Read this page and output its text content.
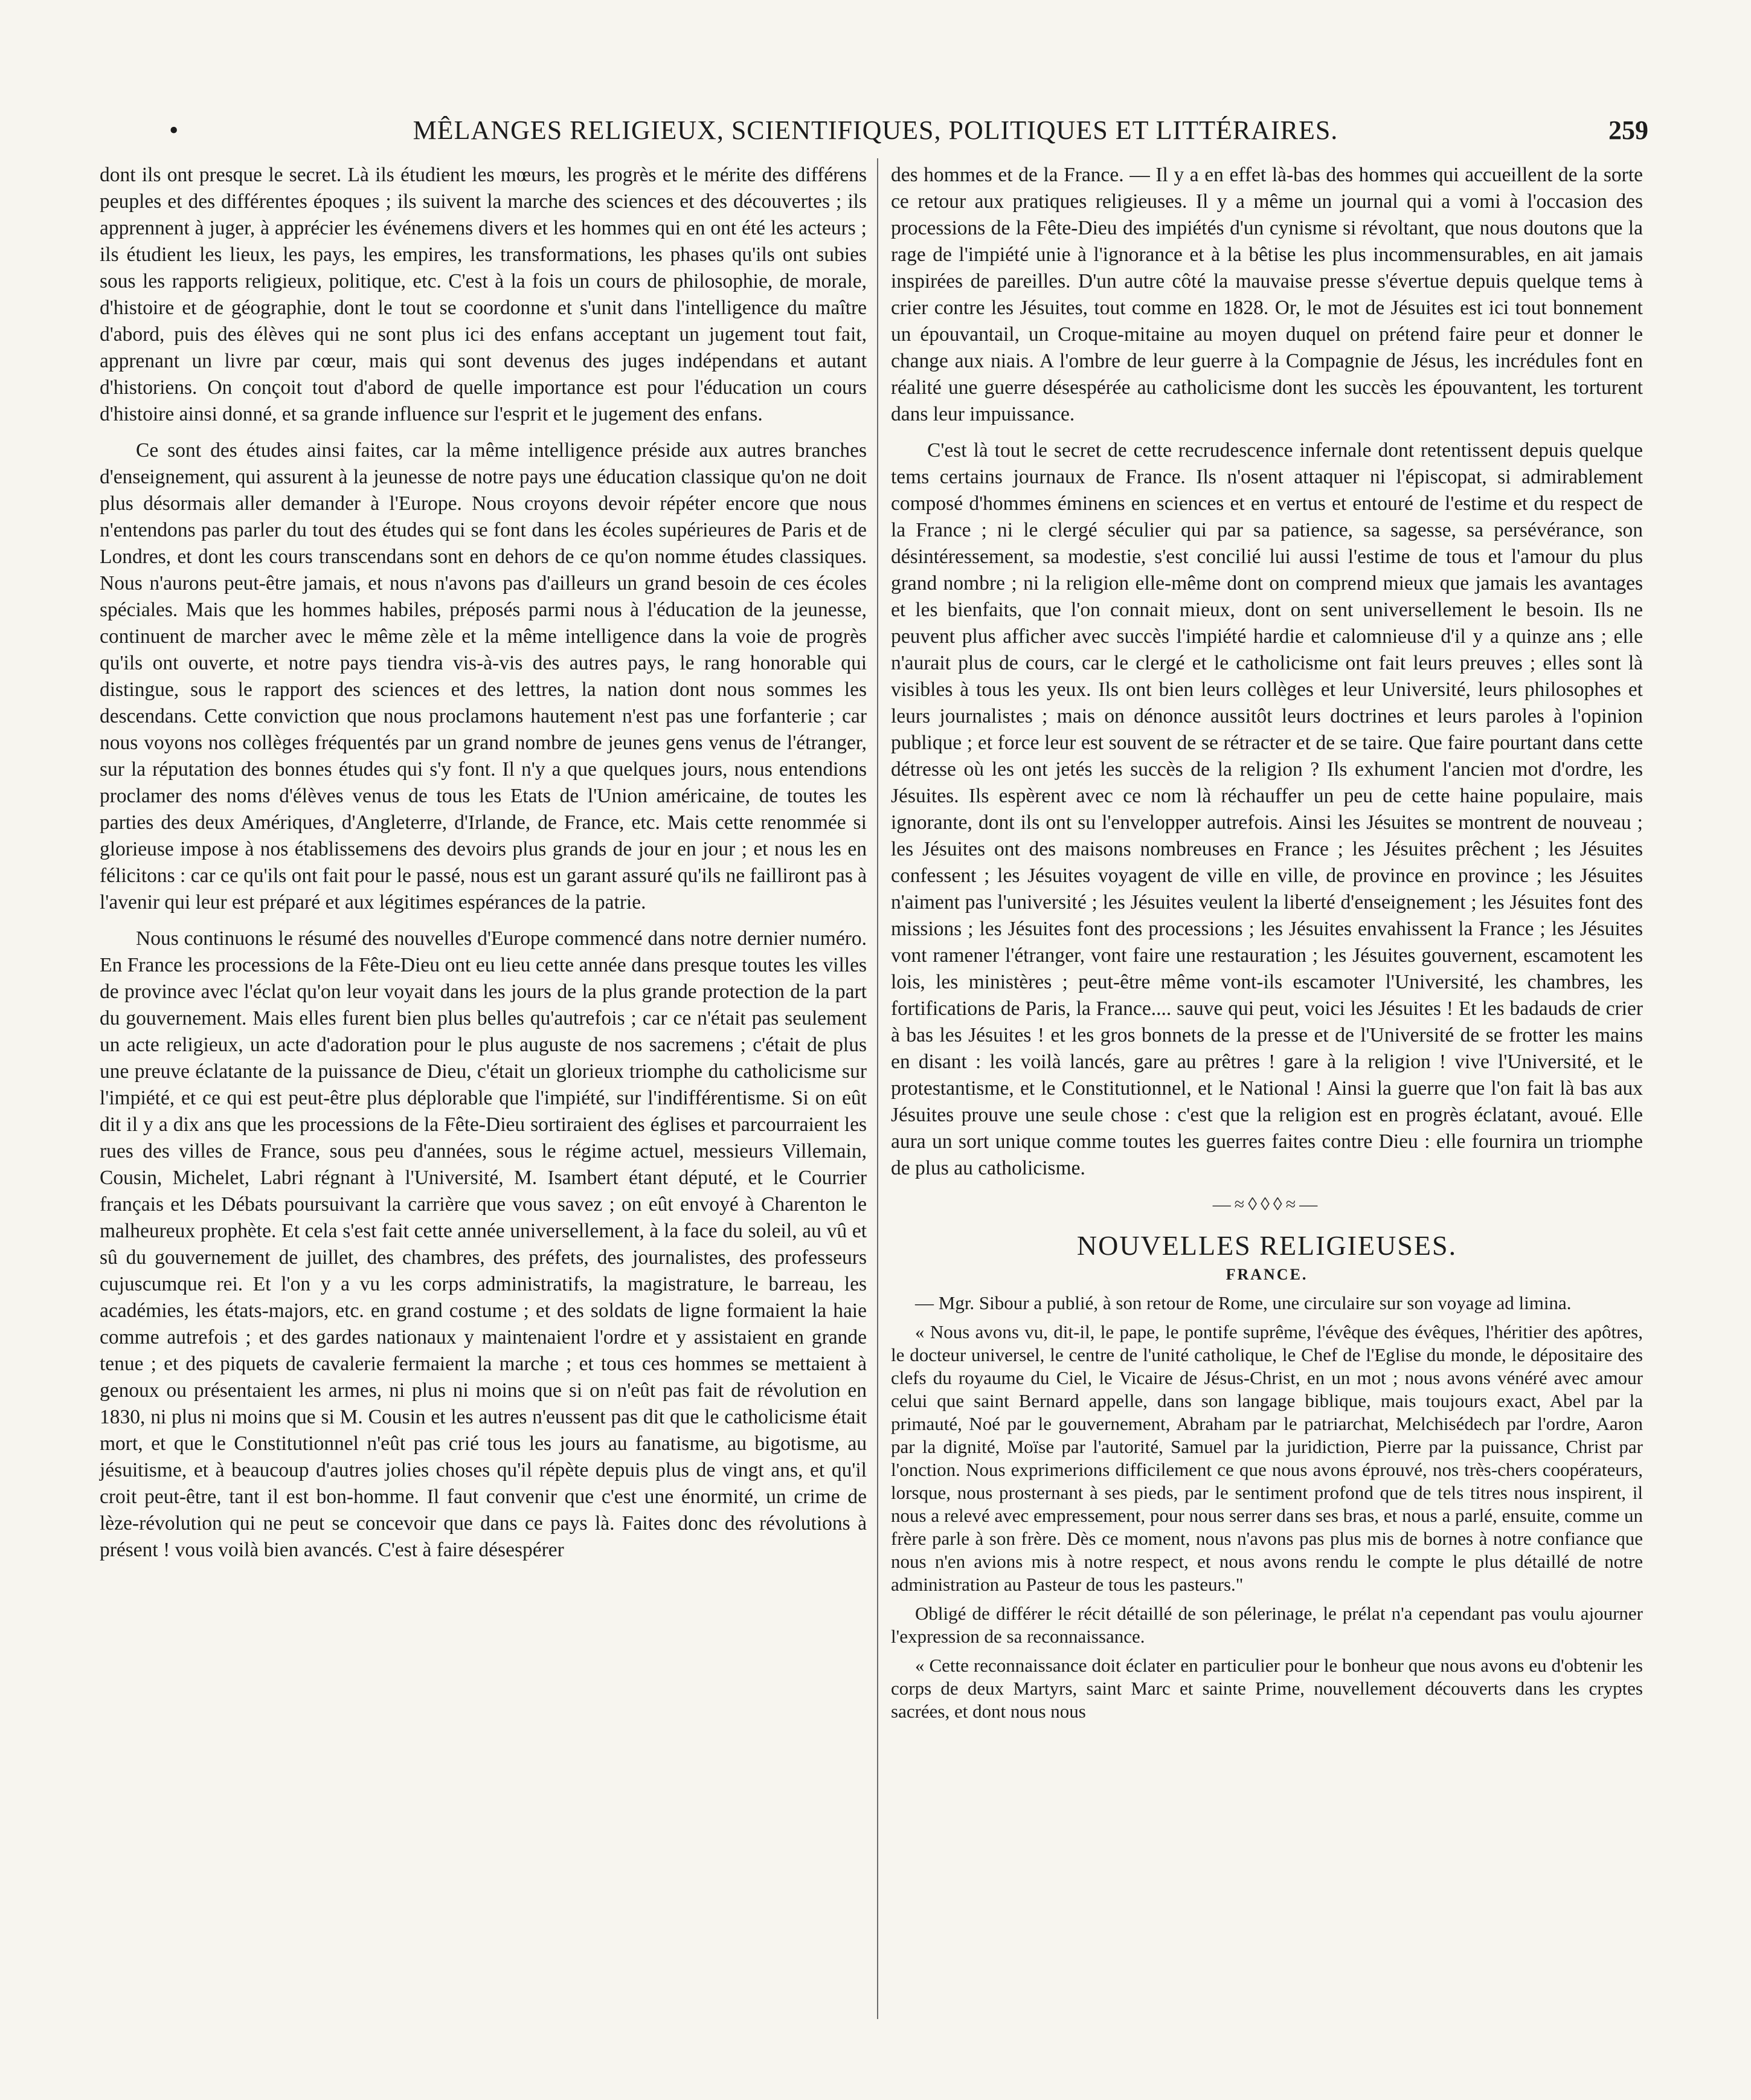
•	MÊLANGES RELIGIEUX, SCIENTIFIQUES, POLITIQUES ET LITTÉRAIRES.	259

dont ils ont presque le secret. Là ils étudient les mœurs, les progrès et le mérite des différens peuples et des différentes époques ; ils suivent la marche des sciences et des découvertes ; ils apprennent à juger, à apprécier les événemens divers et les hommes qui en ont été les acteurs ; ils étudient les lieux, les pays, les empires, les transformations, les phases qu'ils ont subies sous les rapports religieux, politique, etc. C'est à la fois un cours de philosophie, de morale, d'histoire et de géographie, dont le tout se coordonne et s'unit dans l'intelligence du maître d'abord, puis des élèves qui ne sont plus ici des enfans acceptant un jugement tout fait, apprenant un livre par cœur, mais qui sont devenus des juges indépendans et autant d'historiens. On conçoit tout d'abord de quelle importance est pour l'éducation un cours d'histoire ainsi donné, et sa grande influence sur l'esprit et le jugement des enfans.

Ce sont des études ainsi faites, car la même intelligence préside aux autres branches d'enseignement, qui assurent à la jeunesse de notre pays une éducation classique qu'on ne doit plus désormais aller demander à l'Europe. Nous croyons devoir répéter encore que nous n'entendons pas parler du tout des études qui se font dans les écoles supérieures de Paris et de Londres, et dont les cours transcendans sont en dehors de ce qu'on nomme études classiques. Nous n'aurons peut-être jamais, et nous n'avons pas d'ailleurs un grand besoin de ces écoles spéciales. Mais que les hommes habiles, préposés parmi nous à l'éducation de la jeunesse, continuent de marcher avec le même zèle et la même intelligence dans la voie de progrès qu'ils ont ouverte, et notre pays tiendra vis-à-vis des autres pays, le rang honorable qui distingue, sous le rapport des sciences et des lettres, la nation dont nous sommes les descendans. Cette conviction que nous proclamons hautement n'est pas une forfanterie ; car nous voyons nos collèges fréquentés par un grand nombre de jeunes gens venus de l'étranger, sur la réputation des bonnes études qui s'y font. Il n'y a que quelques jours, nous entendions proclamer des noms d'élèves venus de tous les Etats de l'Union américaine, de toutes les parties des deux Amériques, d'Angleterre, d'Irlande, de France, etc. Mais cette renommée si glorieuse impose à nos établissemens des devoirs plus grands de jour en jour ; et nous les en félicitons : car ce qu'ils ont fait pour le passé, nous est un garant assuré qu'ils ne failliront pas à l'avenir qui leur est préparé et aux légitimes espérances de la patrie.

Nous continuons le résumé des nouvelles d'Europe commencé dans notre dernier numéro. En France les processions de la Fête-Dieu ont eu lieu cette année dans presque toutes les villes de province avec l'éclat qu'on leur voyait dans les jours de la plus grande protection de la part du gouvernement. Mais elles furent bien plus belles qu'autrefois ; car ce n'était pas seulement un acte religieux, un acte d'adoration pour le plus auguste de nos sacremens ; c'était de plus une preuve éclatante de la puissance de Dieu, c'était un glorieux triomphe du catholicisme sur l'impiété, et ce qui est peut-être plus déplorable que l'impiété, sur l'indifférentisme. Si on eût dit il y a dix ans que les processions de la Fête-Dieu sortiraient des églises et parcourraient les rues des villes de France, sous peu d'années, sous le régime actuel, messieurs Villemain, Cousin, Michelet, Labri régnant à l'Université, M. Isambert étant député, et le Courrier français et les Débats poursuivant la carrière que vous savez ; on eût envoyé à Charenton le malheureux prophète. Et cela s'est fait cette année universellement, à la face du soleil, au vû et sû du gouvernement de juillet, des chambres, des préfets, des journalistes, des professeurs cujuscumque rei. Et l'on y a vu les corps administratifs, la magistrature, le barreau, les académies, les états-majors, etc. en grand costume ; et des soldats de ligne formaient la haie comme autrefois ; et des gardes nationaux y maintenaient l'ordre et y assistaient en grande tenue ; et des piquets de cavalerie fermaient la marche ; et tous ces hommes se mettaient à genoux ou présentaient les armes, ni plus ni moins que si on n'eût pas fait de révolution en 1830, ni plus ni moins que si M. Cousin et les autres n'eussent pas dit que le catholicisme était mort, et que le Constitutionnel n'eût pas crié tous les jours au fanatisme, au bigotisme, au jésuitisme, et à beaucoup d'autres jolies choses qu'il répète depuis plus de vingt ans, et qu'il croit peut-être, tant il est bon-homme. Il faut convenir que c'est une énormité, un crime de lèze-révolution qui ne peut se concevoir que dans ce pays là. Faites donc des révolutions à présent ! vous voilà bien avancés. C'est à faire désespérer

des hommes et de la France. — Il y a en effet là-bas des hommes qui accueillent de la sorte ce retour aux pratiques religieuses. Il y a même un journal qui a vomi à l'occasion des processions de la Fête-Dieu des impiétés d'un cynisme si révoltant, que nous doutons que la rage de l'impiété unie à l'ignorance et à la bêtise les plus incommensurables, en ait jamais inspirées de pareilles. D'un autre côté la mauvaise presse s'évertue depuis quelque tems à crier contre les Jésuites, tout comme en 1828. Or, le mot de Jésuites est ici tout bonnement un épouvantail, un Croque-mitaine au moyen duquel on prétend faire peur et donner le change aux niais. A l'ombre de leur guerre à la Compagnie de Jésus, les incrédules font en réalité une guerre désespérée au catholicisme dont les succès les épouvantent, les torturent dans leur impuissance.

C'est là tout le secret de cette recrudescence infernale dont retentissent depuis quelque tems certains journaux de France. Ils n'osent attaquer ni l'épiscopat, si admirablement composé d'hommes éminens en sciences et en vertus et entouré de l'estime et du respect de la France ; ni le clergé séculier qui par sa patience, sa sagesse, sa persévérance, son désintéressement, sa modestie, s'est concilié lui aussi l'estime de tous et l'amour du plus grand nombre ; ni la religion elle-même dont on comprend mieux que jamais les avantages et les bienfaits, que l'on connait mieux, dont on sent universellement le besoin. Ils ne peuvent plus afficher avec succès l'impiété hardie et calomnieuse d'il y a quinze ans ; elle n'aurait plus de cours, car le clergé et le catholicisme ont fait leurs preuves ; elles sont là visibles à tous les yeux. Ils ont bien leurs collèges et leur Université, leurs philosophes et leurs journalistes ; mais on dénonce aussitôt leurs doctrines et leurs paroles à l'opinion publique ; et force leur est souvent de se rétracter et de se taire. Que faire pourtant dans cette détresse où les ont jetés les succès de la religion ? Ils exhument l'ancien mot d'ordre, les Jésuites. Ils espèrent avec ce nom là réchauffer un peu de cette haine populaire, mais ignorante, dont ils ont su l'envelopper autrefois. Ainsi les Jésuites se montrent de nouveau ; les Jésuites ont des maisons nombreuses en France ; les Jésuites prêchent ; les Jésuites confessent ; les Jésuites voyagent de ville en ville, de province en province ; les Jésuites n'aiment pas l'université ; les Jésuites veulent la liberté d'enseignement ; les Jésuites font des missions ; les Jésuites font des processions ; les Jésuites envahissent la France ; les Jésuites vont ramener l'étranger, vont faire une restauration ; les Jésuites gouvernent, escamotent les lois, les ministères ; peut-être même vont-ils escamoter l'Université, les chambres, les fortifications de Paris, la France.... sauve qui peut, voici les Jésuites ! Et les badauds de crier à bas les Jésuites ! et les gros bonnets de la presse et de l'Université de se frotter les mains en disant : les voilà lancés, gare au prêtres ! gare à la religion ! vive l'Université, et le protestantisme, et le Constitutionnel, et le National ! Ainsi la guerre que l'on fait là bas aux Jésuites prouve une seule chose : c'est que la religion est en progrès éclatant, avoué. Elle aura un sort unique comme toutes les guerres faites contre Dieu : elle fournira un triomphe de plus au catholicisme.

—≈◊◊◊≈—
NOUVELLES RELIGIEUSES.
FRANCE.

— Mgr. Sibour a publié, à son retour de Rome, une circulaire sur son voyage ad limina.

« Nous avons vu, dit-il, le pape, le pontife suprême, l'évêque des évêques, l'héritier des apôtres, le docteur universel, le centre de l'unité catholique, le Chef de l'Eglise du monde, le dépositaire des clefs du royaume du Ciel, le Vicaire de Jésus-Christ, en un mot ; nous avons vénéré avec amour celui que saint Bernard appelle, dans son langage biblique, mais toujours exact, Abel par la primauté, Noé par le gouvernement, Abraham par le patriarchat, Melchisédech par l'ordre, Aaron par la dignité, Moïse par l'autorité, Samuel par la juridiction, Pierre par la puissance, Christ par l'onction. Nous exprimerions difficilement ce que nous avons éprouvé, nos très-chers coopérateurs, lorsque, nous prosternant à ses pieds, par le sentiment profond que de tels titres nous inspirent, il nous a relevé avec empressement, pour nous serrer dans ses bras, et nous a parlé, ensuite, comme un frère parle à son frère. Dès ce moment, nous n'avons pas plus mis de bornes à notre confiance que nous n'en avions mis à notre respect, et nous avons rendu le compte le plus détaillé de notre administration au Pasteur de tous les pasteurs."

Obligé de différer le récit détaillé de son pélerinage, le prélat n'a cependant pas voulu ajourner l'expression de sa reconnaissance.

« Cette reconnaissance doit éclater en particulier pour le bonheur que nous avons eu d'obtenir les corps de deux Martyrs, saint Marc et sainte Prime, nouvellement découverts dans les cryptes sacrées, et dont nous nous
